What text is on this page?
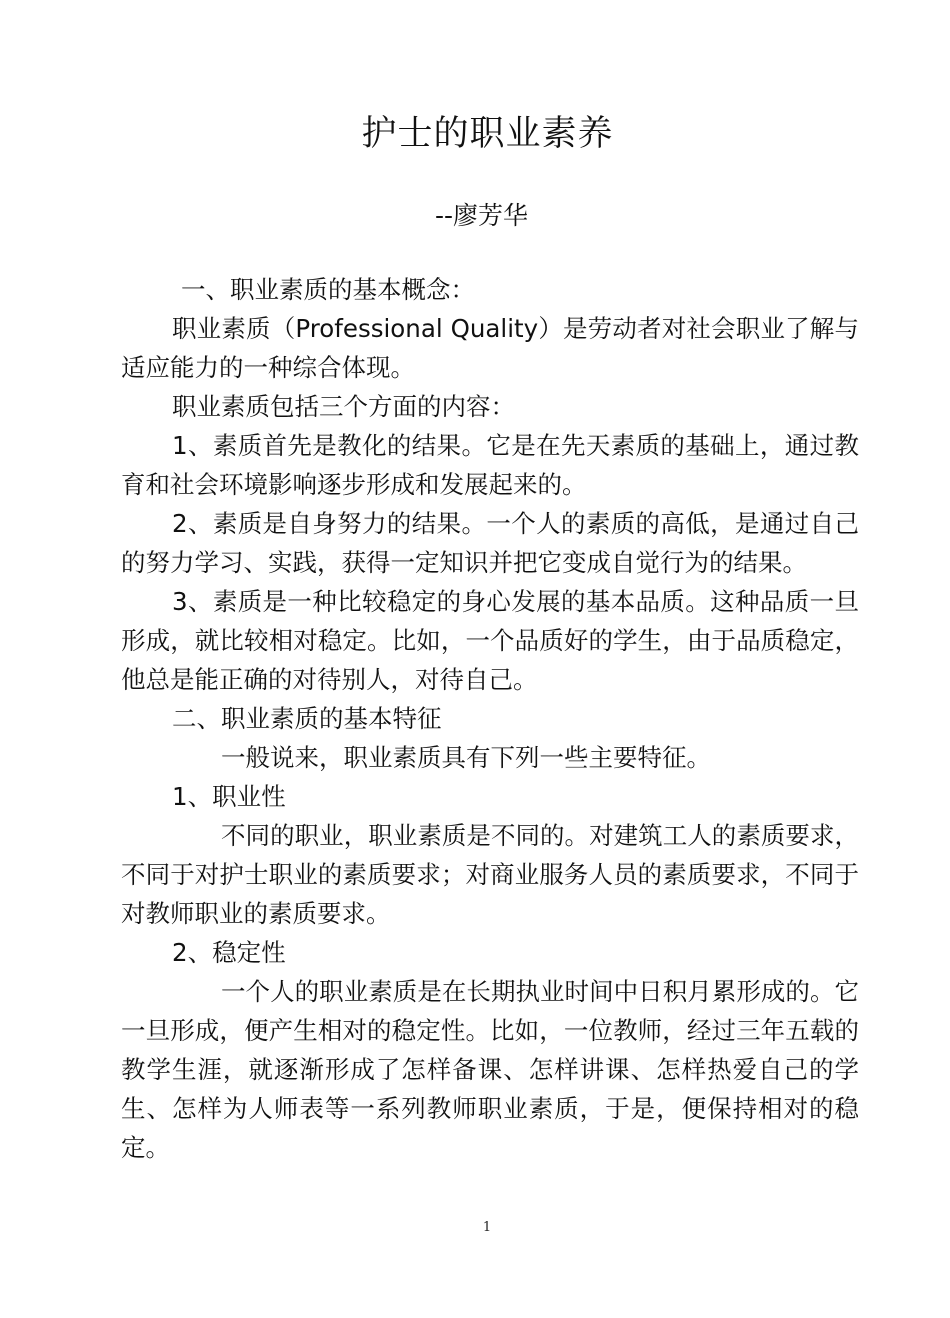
护士的职业素养
--廖芳华

一、职业素质的基本概念：

职业素质（Professional Quality）是劳动者对社会职业了解与适应能力的一种综合体现。

职业素质包括三个方面的内容：

1、素质首先是教化的结果。它是在先天素质的基础上，通过教育和社会环境影响逐步形成和发展起来的。

2、素质是自身努力的结果。一个人的素质的高低，是通过自己的努力学习、实践，获得一定知识并把它变成自觉行为的结果。

3、素质是一种比较稳定的身心发展的基本品质。这种品质一旦形成，就比较相对稳定。比如，一个品质好的学生，由于品质稳定，他总是能正确的对待别人，对待自己。

二、职业素质的基本特征

一般说来，职业素质具有下列一些主要特征。

1、职业性

不同的职业，职业素质是不同的。对建筑工人的素质要求，不同于对护士职业的素质要求；对商业服务人员的素质要求，不同于对教师职业的素质要求。

2、稳定性

一个人的职业素质是在长期执业时间中日积月累形成的。它一旦形成，便产生相对的稳定性。比如，一位教师，经过三年五载的教学生涯，就逐渐形成了怎样备课、怎样讲课、怎样热爱自己的学生、怎样为人师表等一系列教师职业素质，于是，便保持相对的稳定。

1
